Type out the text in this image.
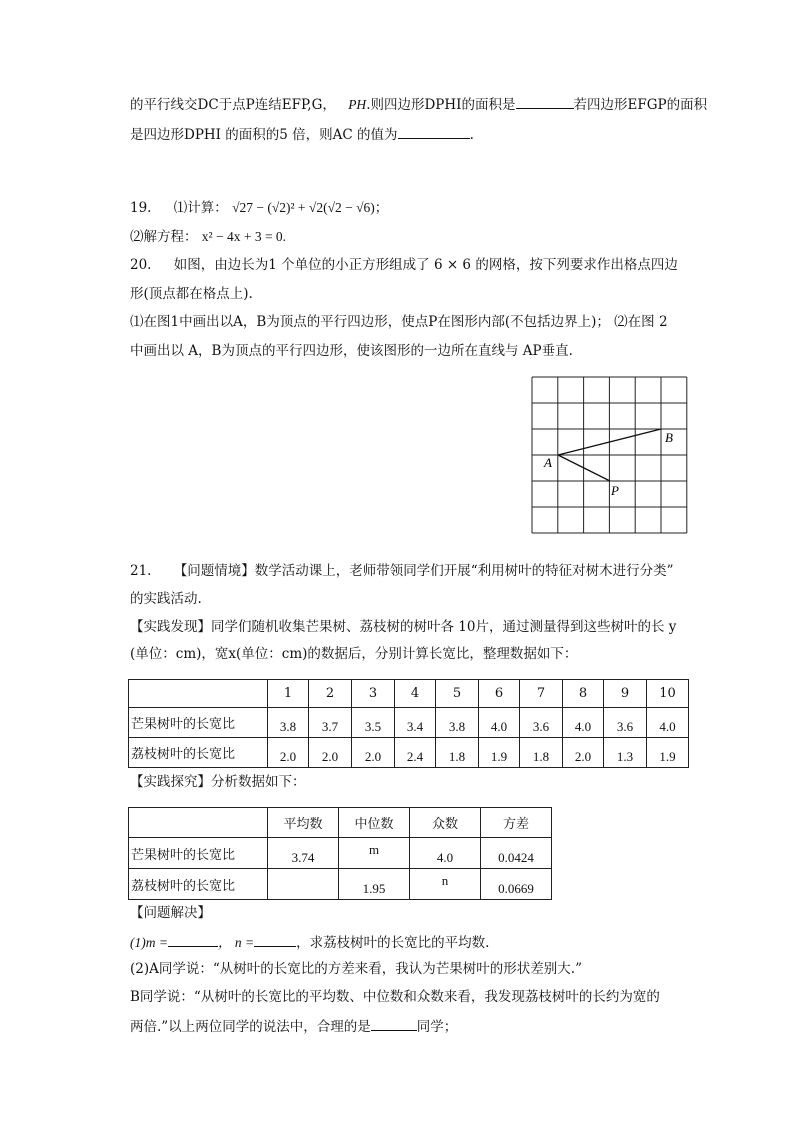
的平行线交DC于点P连结EFP,G， PH.则四边形DPHI的面积是	若四边形EFGP的面积
是四边形DPHI 的面积的5 倍，则AC 的值为	.
19. ⑴计算： √27 − (√2)² + √2(√2 − √6)；
⑵解方程： x² − 4x + 3 = 0.
20. 如图，由边长为1 个单位的小正方形组成了 6 × 6 的网格，按下列要求作出格点四边
形(顶点都在格点上).
⑴在图1中画出以A，B为顶点的平行四边形，使点P在图形内部(不包括边界上)； ⑵在图 2
中画出以 A，B为顶点的平行四边形，使该图形的一边所在直线与 AP垂直.
A
B
P
21. 【问题情境】数学活动课上，老师带领同学们开展“利用树叶的特征对树木进行分类”
的实践活动.
【实践发现】同学们随机收集芒果树、荔枝树的树叶各 10片，通过测量得到这些树叶的长 y
(单位：cm)，宽x(单位：cm)的数据后，分别计算长宽比，整理数据如下：
	1	2	3	4	5	6	7	8	9	10
芒果树叶的长宽比	3.8	3.7	3.5	3.4	3.8	4.0	3.6	4.0	3.6	4.0
荔枝树叶的长宽比	2.0	2.0	2.0	2.4	1.8	1.9	1.8	2.0	1.3	1.9
【实践探究】分析数据如下：
	平均数	中位数	众数	方差
芒果树叶的长宽比	3.74	m	4.0	0.0424
荔枝树叶的长宽比		1.95	n	0.0669
【问题解决】
(1)m =	， n =	，求荔枝树叶的长宽比的平均数.
(2)A同学说：“从树叶的长宽比的方差来看，我认为芒果树叶的形状差别大.”
B同学说：“从树叶的长宽比的平均数、中位数和众数来看，我发现荔枝树叶的长约为宽的
两倍.”以上两位同学的说法中，合理的是	同学；
